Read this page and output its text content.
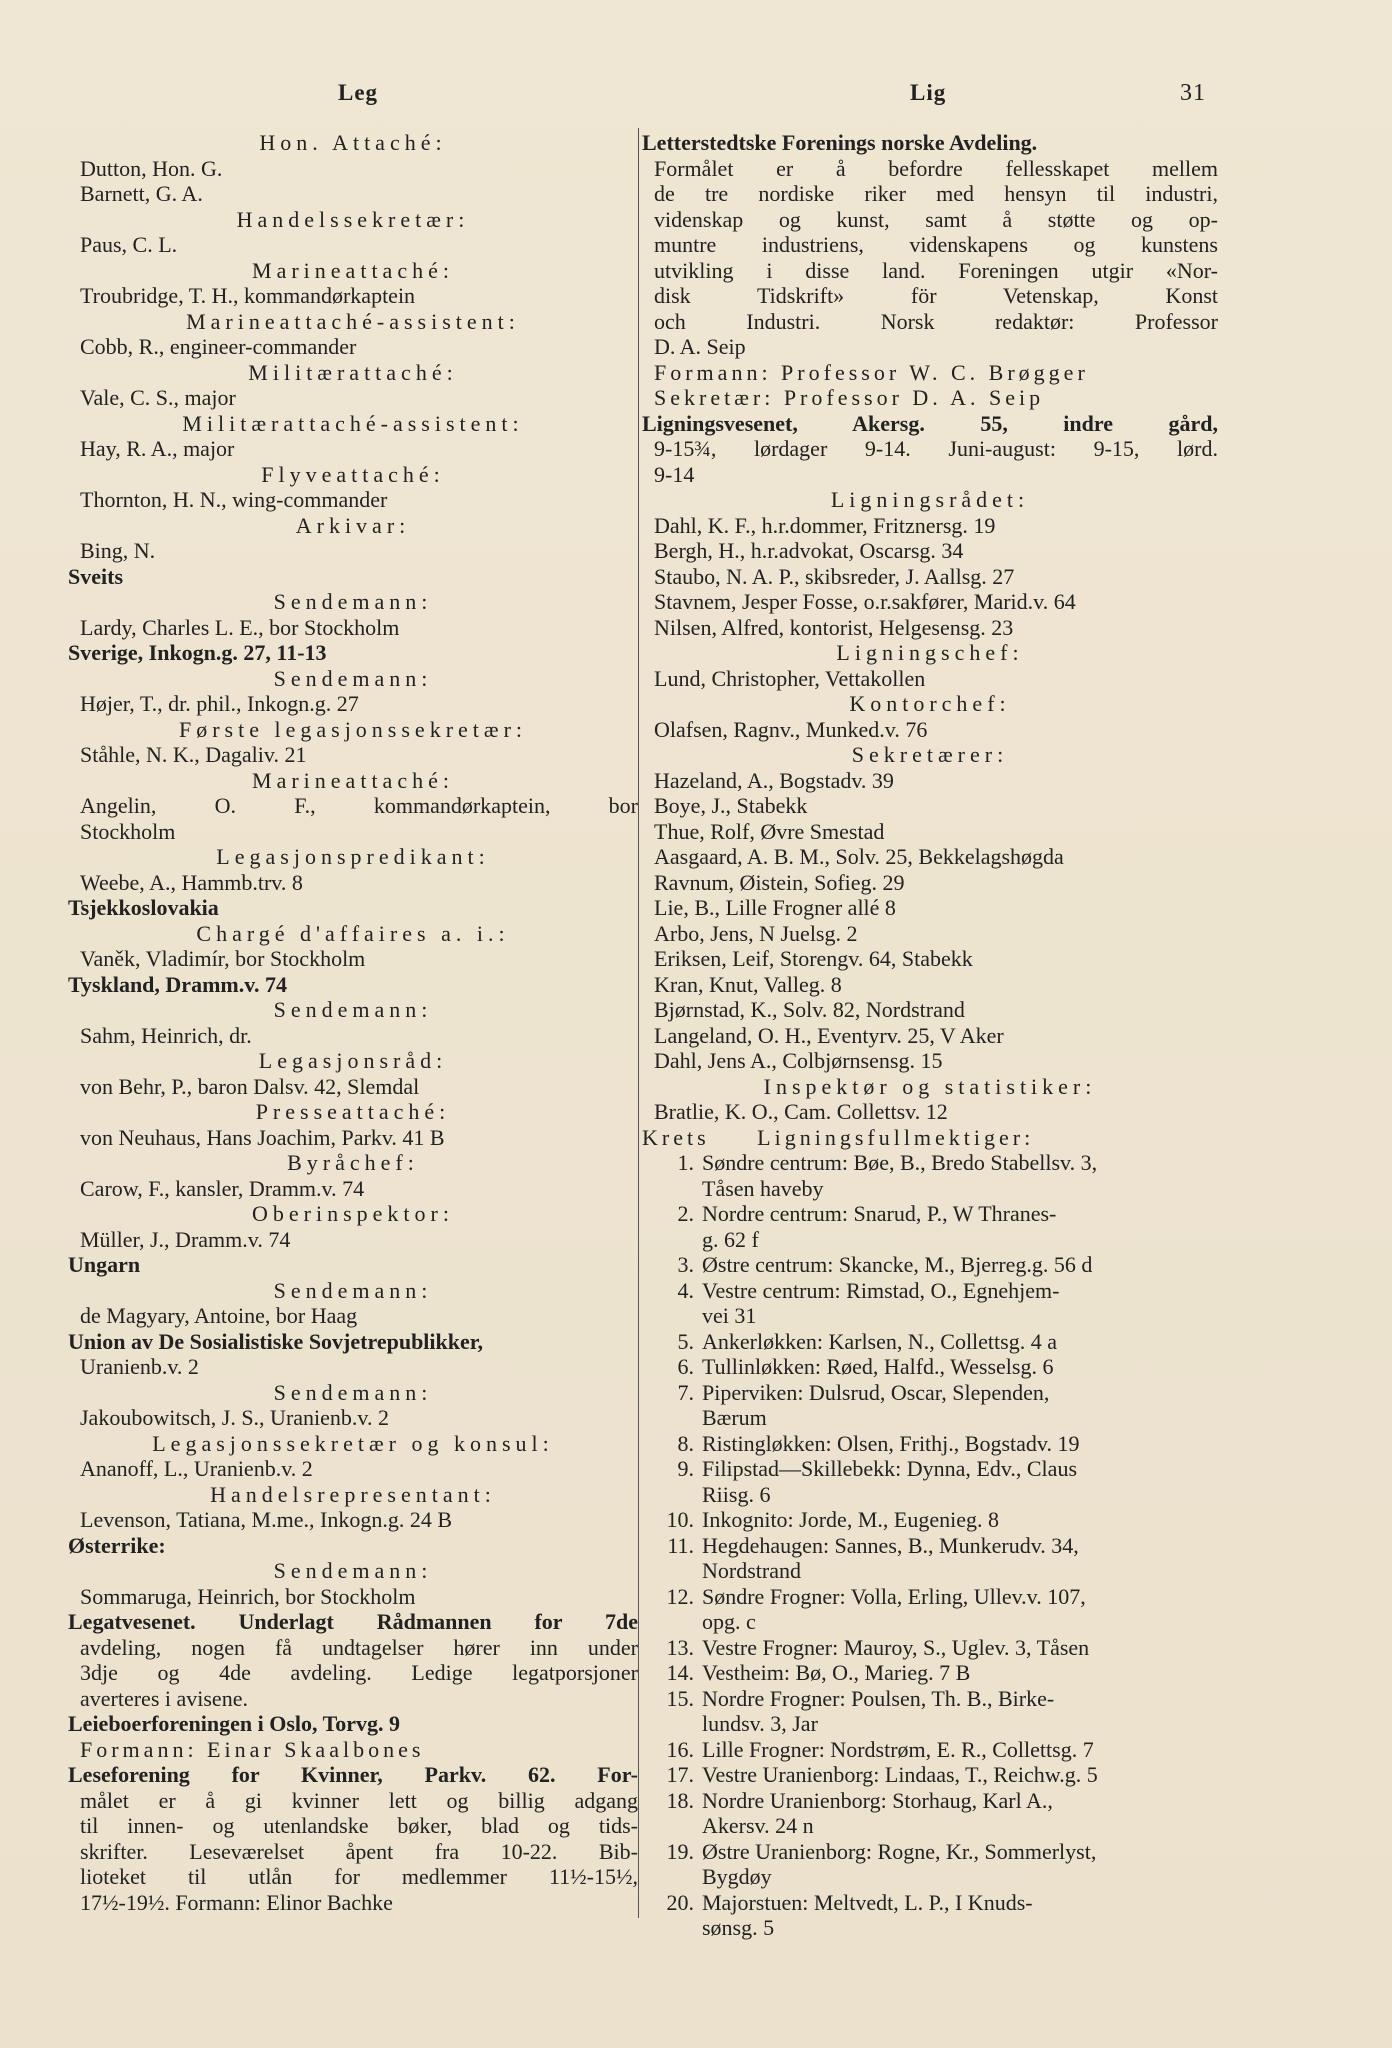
Leg	Lig	31
Hon. Attaché:
Dutton, Hon. G.
Barnett, G. A.
Handelssekretær:
Paus, C. L.
Marineattaché:
Troubridge, T. H., kommandørkaptein
Marineattaché-assistent:
Cobb, R., engineer-commander
Militærattaché:
Vale, C. S., major
Militærattaché-assistent:
Hay, R. A., major
Flyveattaché:
Thornton, H. N., wing-commander
Arkivar:
Bing, N.
Sveits
Sendemann:
Lardy, Charles L. E., bor Stockholm
Sverige, Inkogn.g. 27, 11-13
Sendemann:
Højer, T., dr. phil., Inkogn.g. 27
Første legasjonssekretær:
Ståhle, N. K., Dagaliv. 21
Marineattaché:
Angelin, O. F., kommandørkaptein, bor
Stockholm
Legasjonspredikant:
Weebe, A., Hammb.trv. 8
Tsjekkoslovakia
Chargé d'affaires a. i.:
Vaněk, Vladimír, bor Stockholm
Tyskland, Dramm.v. 74
Sendemann:
Sahm, Heinrich, dr.
Legasjonsråd:
von Behr, P., baron Dalsv. 42, Slemdal
Presseattaché:
von Neuhaus, Hans Joachim, Parkv. 41 B
Byråchef:
Carow, F., kansler, Dramm.v. 74
Oberinspektor:
Müller, J., Dramm.v. 74
Ungarn
Sendemann:
de Magyary, Antoine, bor Haag
Union av De Sosialistiske Sovjetrepublikker,
Uranienb.v. 2
Sendemann:
Jakoubowitsch, J. S., Uranienb.v. 2
Legasjonssekretær og konsul:
Ananoff, L., Uranienb.v. 2
Handelsrepresentant:
Levenson, Tatiana, M.me., Inkogn.g. 24 B
Østerrike:
Sendemann:
Sommaruga, Heinrich, bor Stockholm
Legatvesenet. Underlagt Rådmannen for 7de
avdeling, nogen få undtagelser hører inn under
3dje og 4de avdeling. Ledige legatporsjoner
averteres i avisene.
Leieboerforeningen i Oslo, Torvg. 9
Formann: Einar Skaalbones
Leseforening for Kvinner, Parkv. 62. For-
målet er å gi kvinner lett og billig adgang
til innen- og utenlandske bøker, blad og tids-
skrifter. Leseværelset åpent fra 10-22. Bib-
lioteket til utlån for medlemmer 11½-15½,
17½-19½. Formann: Elinor Bachke
Letterstedtske Forenings norske Avdeling.
Formålet er å befordre fellesskapet mellem
de tre nordiske riker med hensyn til industri,
videnskap og kunst, samt å støtte og op-
muntre industriens, videnskapens og kunstens
utvikling i disse land. Foreningen utgir «Nor-
disk Tidskrift» för Vetenskap, Konst
och Industri. Norsk redaktør: Professor
D. A. Seip
Formann: Professor W. C. Brøgger
Sekretær: Professor D. A. Seip
Ligningsvesenet, Akersg. 55, indre gård,
9-15¾, lørdager 9-14. Juni-august: 9-15, lørd.
9-14
Ligningsrådet:
Dahl, K. F., h.r.dommer, Fritznersg. 19
Bergh, H., h.r.advokat, Oscarsg. 34
Staubo, N. A. P., skibsreder, J. Aallsg. 27
Stavnem, Jesper Fosse, o.r.sakfører, Marid.v. 64
Nilsen, Alfred, kontorist, Helgesensg. 23
Ligningschef:
Lund, Christopher, Vettakollen
Kontorchef:
Olafsen, Ragnv., Munked.v. 76
Sekretærer:
Hazeland, A., Bogstadv. 39
Boye, J., Stabekk
Thue, Rolf, Øvre Smestad
Aasgaard, A. B. M., Solv. 25, Bekkelagshøgda
Ravnum, Øistein, Sofieg. 29
Lie, B., Lille Frogner allé 8
Arbo, Jens, N Juelsg. 2
Eriksen, Leif, Storengv. 64, Stabekk
Kran, Knut, Valleg. 8
Bjørnstad, K., Solv. 82, Nordstrand
Langeland, O. H., Eventyrv. 25, V Aker
Dahl, Jens A., Colbjørnsensg. 15
Inspektør og statistiker:
Bratlie, K. O., Cam. Collettsv. 12
Krets     Ligningsfullmektiger:
1. Søndre centrum: Bøe, B., Bredo Stabellsv. 3,
Tåsen haveby
2. Nordre centrum: Snarud, P., W Thranes-
g. 62 f
3. Østre centrum: Skancke, M., Bjerreg.g. 56 d
4. Vestre centrum: Rimstad, O., Egnehjem-
vei 31
5. Ankerløkken: Karlsen, N., Collettsg. 4 a
6. Tullinløkken: Røed, Halfd., Wesselsg. 6
7. Piperviken: Dulsrud, Oscar, Slependen,
Bærum
8. Ristingløkken: Olsen, Frithj., Bogstadv. 19
9. Filipstad—Skillebekk: Dynna, Edv., Claus
Riisg. 6
10. Inkognito: Jorde, M., Eugenieg. 8
11. Hegdehaugen: Sannes, B., Munkerudv. 34,
Nordstrand
12. Søndre Frogner: Volla, Erling, Ullev.v. 107,
opg. c
13. Vestre Frogner: Mauroy, S., Uglev. 3, Tåsen
14. Vestheim: Bø, O., Marieg. 7 B
15. Nordre Frogner: Poulsen, Th. B., Birke-
lundsv. 3, Jar
16. Lille Frogner: Nordstrøm, E. R., Collettsg. 7
17. Vestre Uranienborg: Lindaas, T., Reichw.g. 5
18. Nordre Uranienborg: Storhaug, Karl A.,
Akersv. 24 n
19. Østre Uranienborg: Rogne, Kr., Sommerlyst,
Bygdøy
20. Majorstuen: Meltvedt, L. P., I Knuds-
sønsg. 5
